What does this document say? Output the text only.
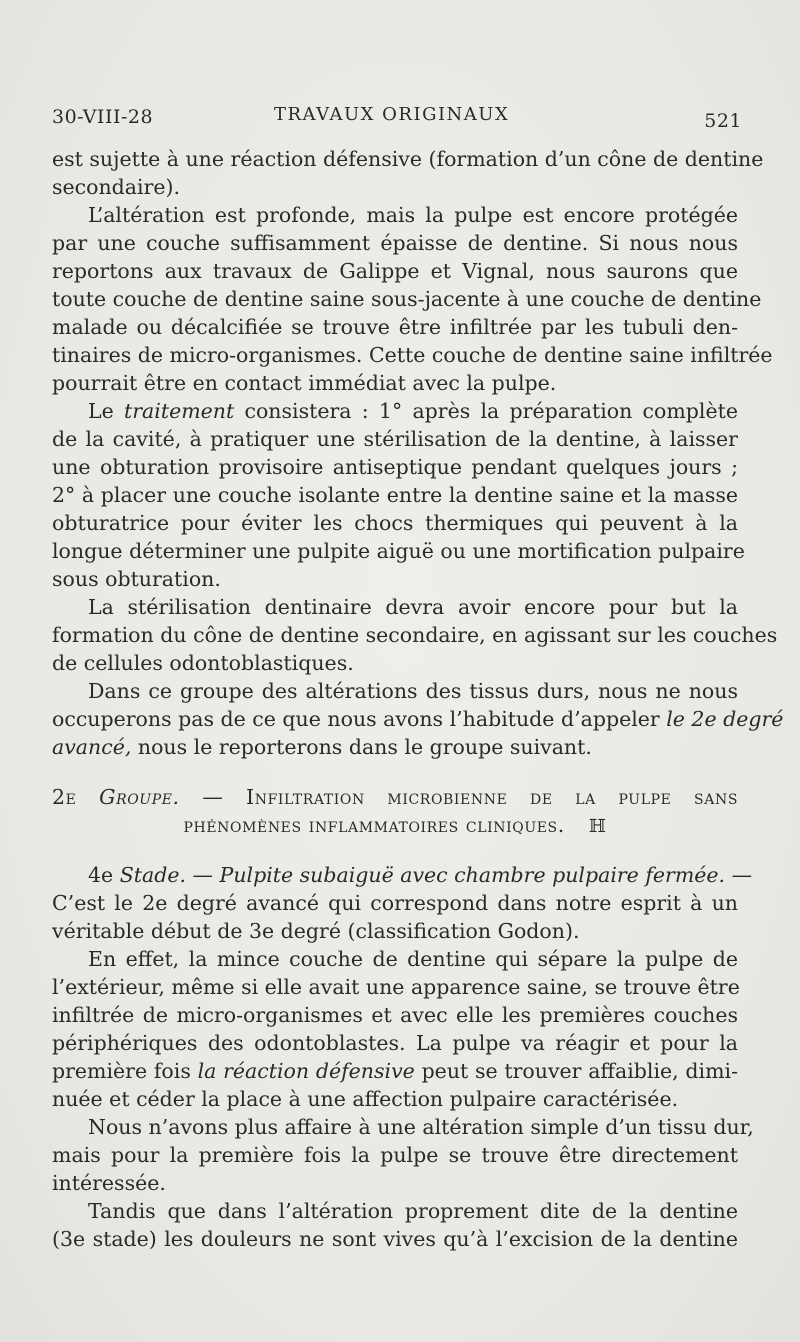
30-VIII-28	TRAVAUX ORIGINAUX	521
est sujette à une réaction défensive (formation d’un cône de dentine
secondaire).
L’altération est profonde, mais la pulpe est encore protégée
par une couche suffisamment épaisse de dentine. Si nous nous
reportons aux travaux de Galippe et Vignal, nous saurons que
toute couche de dentine saine sous-jacente à une couche de dentine
malade ou décalcifiée se trouve être infiltrée par les tubuli den-
tinaires de micro-organismes. Cette couche de dentine saine infiltrée
pourrait être en contact immédiat avec la pulpe.
Le traitement consistera : 1° après la préparation complète
de la cavité, à pratiquer une stérilisation de la dentine, à laisser
une obturation provisoire antiseptique pendant quelques jours ;
2° à placer une couche isolante entre la dentine saine et la masse
obturatrice pour éviter les chocs thermiques qui peuvent à la
longue déterminer une pulpite aiguë ou une mortification pulpaire
sous obturation.
La stérilisation dentinaire devra avoir encore pour but la
formation du cône de dentine secondaire, en agissant sur les couches
de cellules odontoblastiques.
Dans ce groupe des altérations des tissus durs, nous ne nous
occuperons pas de ce que nous avons l’habitude d’appeler le 2e degré
avancé, nous le reporterons dans le groupe suivant.
2e Groupe. — Infiltration microbienne de la pulpe sans
phénomènes inflammatoires cliniques. ℍ
4e Stade. — Pulpite subaiguë avec chambre pulpaire fermée. —
C’est le 2e degré avancé qui correspond dans notre esprit à un
véritable début de 3e degré (classification Godon).
En effet, la mince couche de dentine qui sépare la pulpe de
l’extérieur, même si elle avait une apparence saine, se trouve être
infiltrée de micro-organismes et avec elle les premières couches
périphériques des odontoblastes. La pulpe va réagir et pour la
première fois la réaction défensive peut se trouver affaiblie, dimi-
nuée et céder la place à une affection pulpaire caractérisée.
Nous n’avons plus affaire à une altération simple d’un tissu dur,
mais pour la première fois la pulpe se trouve être directement
intéressée.
Tandis que dans l’altération proprement dite de la dentine
(3e stade) les douleurs ne sont vives qu’à l’excision de la dentine
